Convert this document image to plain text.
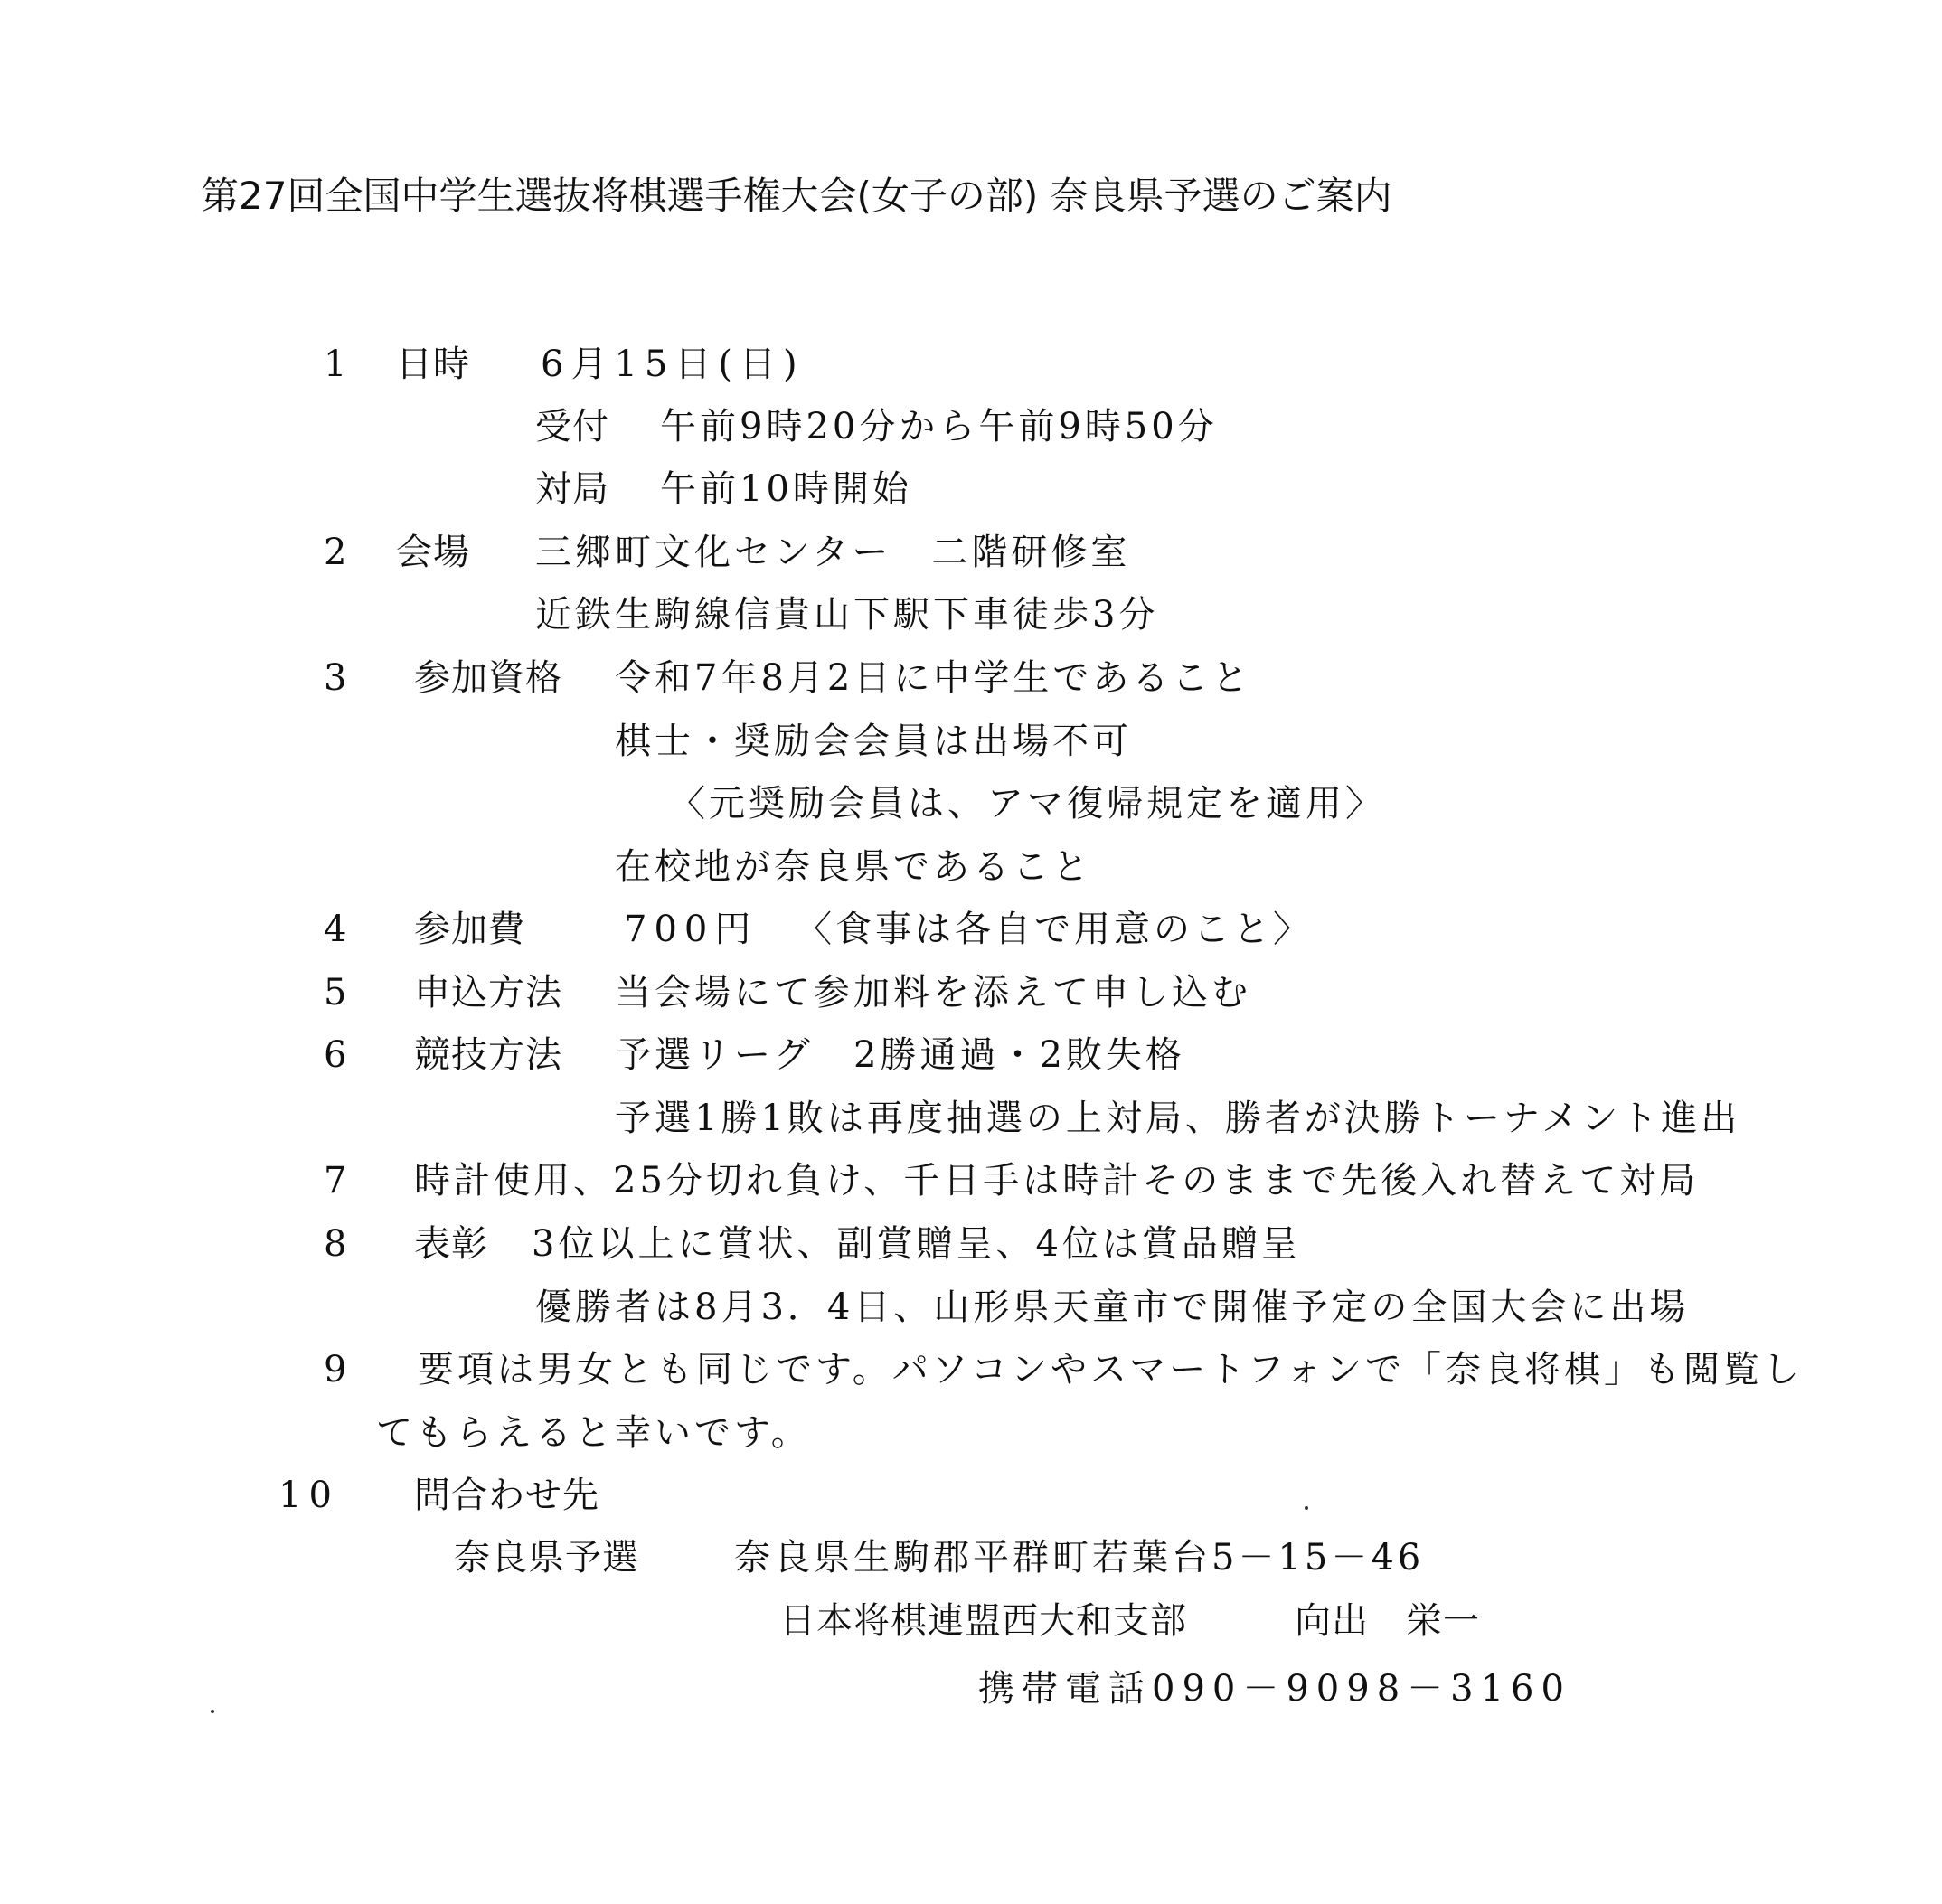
第27回全国中学生選抜将棋選手権大会(女子の部) 奈良県予選のご案内
1 日時 6月15日(日)
受付 午前9時20分から午前9時50分
対局 午前10時開始
2 会場 三郷町文化センター　二階研修室
近鉄生駒線信貴山下駅下車徒歩3分
3 参加資格 令和7年8月2日に中学生であること
棋士・奨励会会員は出場不可
〈元奨励会員は、アマ復帰規定を適用〉
在校地が奈良県であること
4 参加費	700円 〈食事は各自で用意のこと〉
5 申込方法 当会場にて参加料を添えて申し込む
6 競技方法 予選リーグ　2勝通過・2敗失格
予選1勝1敗は再度抽選の上対局、勝者が決勝トーナメント進出
7 時計使用、25分切れ負け、千日手は時計そのままで先後入れ替えて対局
8 表彰 3位以上に賞状、副賞贈呈、4位は賞品贈呈
優勝者は8月3．4日、山形県天童市で開催予定の全国大会に出場
9 要項は男女とも同じです。パソコンやスマートフォンで「奈良将棋」も閲覧し
てもらえると幸いです。
10 問合わせ先
奈良県予選	奈良県生駒郡平群町若葉台5－15－46
日本将棋連盟西大和支部	向出　栄一
携帯電話090－9098－3160
